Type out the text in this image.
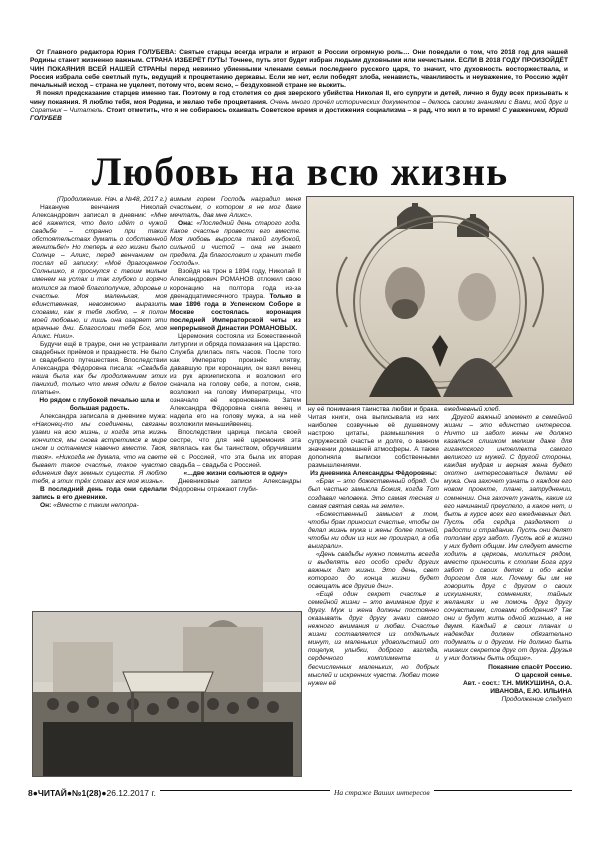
От Главного редактора Юрия ГОЛУБЕВА: Святые старцы всегда играли и играют в России огромную роль… Они поведали о том, что 2018 год для нашей Родины станет жизненно важным. СТРАНА ИЗБЕРЁТ ПУТЬ! Точнее, путь этот будет избран людьми духовными или нечистыми. ЕСЛИ В 2018 ГОДУ ПРОИЗОЙДЁТ ЧИН ПОКАЯНИЯ ВСЕЙ НАШЕЙ СТРАНЫ перед невинно убиенными членами семьи последнего русского царя, то значит, что духовность восторжествала, и Россия избрала себе светлый путь, ведущий к процветанию державы. Если же нет, если победят злоба, ненависть, чванливость и неуважение, то Россию ждёт печальный исход – страна не уцелеет, потому что, всем ясно, – бездуховной стране не выжить.

Я понял предсказание старцев именно так. Поэтому в год столетия со дня зверского убийства Николая II, его супруги и детей, лично я буду всех призывать к чину покаяния. Я люблю тебя, моя Родина, и желаю тебе процветания. Очень много прочёл исторических документов – делюсь своими знаниями с Вами, мой друг и Соратник – Читатель. Стоит отметить, что я не собираюсь охаивать Советское время и достижения социализма – я рад, что жил в то время! С уважением, Юрий ГОЛУБЕВ

Любовь на всю жизнь

(Продолжение. Нач. в №48, 2017 г.)

Накануне венчания Николай Александрович записал в дневник: «Мне всё кажется, что дело идёт о чужой свадьбе – странно при таких обстоятельствах думать о собственной женитьбе!» Но теперь в его жизни было Солнце – Аликс, перед венчанием он послал ей записку: «Моё драгоценное Солнышко, я проснулся с твоим милым именем на устах и так глубоко и горячо молился за твоё благополучие, здоровье и счастье. Моя маленькая, моя единственная, невозможно выразить словами, как я тебя люблю, – я полон моей любовью, и лишь она озаряет эти мрачные дни. Благослови тебя Бог, моя Аликс. Ники».

Будучи ещё в трауре, они не устраивали свадебных приёмов и празднеств. Не было и свадебного путешествия. Впоследствии Александра Фёдоровна писала: «Свадьба наша была как бы продолжением этих панихид, только что меня одели в белое платье».

Но рядом с глубокой печалью шла и большая радость.

Александра записала в дневнике мужа: «Наконец-то мы соединены, связаны узами на всю жизнь, и когда эта жизнь кончится, мы снова встретимся в мире ином и останемся навечно вместе. Твоя, твоя». «Никогда не думала, что на свете бывает такое счастье, такое чувство единения двух земных существ. Я люблю тебя, в этих трёх словах вся моя жизнь».

В последний день года они сделали запись в его дневнике.

Он: «Вместе с таким непопра-

вимым горем Господь наградил меня счастьем, о котором я не мог даже мечтать, дав мне Аликс».

Она: «Последний день старого года. Какое счастье провести его вместе. Моя любовь выросла такой глубокой, сильной и чистой – она не знает предела. Да благословит и хранит тебя Господь».

Взойдя на трон в 1894 году, Николай II Александрович РОМАНОВ отложил свою коронацию на полтора года из-за двенадцатимесячного траура. Только в мае 1896 года в Успенском Соборе в Москве состоялась коронация последней Императорской четы из непрерывной Династии РОМАНОВЫХ.

Церемония состояла из Божественной литургии и обряда помазания на Царство. Служба длилась пять часов. После того как Император произнёс клятву, дававшую при коронации, он взял венец из рук архиепископа и возложил его сначала на голову себе, а потом, сняв, возложил на голову Императрицы, что означало её коронование. Затем Александра Фёдоровна сняла венец и надела его на голову мужа, а на неё возложили меньшийвенец.

Впоследствии царица писала своей сестре, что для неё церемония эта являлась как бы таинством, обручившим её с Россией, что эта была их вторая свадьба – свадьба с Россией.

«...две жизни сольются в одну»

Дневниковые записи Александры Фёдоровны отражают глуби-

ну её понимания таинства любви и брака. Читая книги, она выписывала из них наиболее созвучные её душевному настрою цитаты, размышления о супружеской счастье и долге, о важном значении домашней атмосферы. А также дополняла выписки собственными размышлениями.

Из дневника Александры Фёдоровны:

«Брак – это божественный обряд. Он был частью замысла Божия, когда Тот создавал человека. Это самая тесная и самая святая связь на земле».

«Божественный замысел в том, чтобы брак приносил счастье, чтобы он делал жизнь мужа и жены более полной, чтобы ни один из них не проиграл, а оба выиграли».

«День свадьбы нужно помнить всегда и выделять его особо среди других важных дат жизни. Это день, свет которого до конца жизни будет освещать все другие дни».

«Ещё один секрет счастья в семейной жизни – это внимание друг к другу. Муж и жена должны постоянно оказывать друг другу знаки самого нежного внимания и любви. Счастье жизни составляется из отдельных минут, из маленьких удовольствий от поцелуя, улыбки, доброго взгляда, сердечного комплимента и бесчисленных маленьких, но добрых мыслей и искренних чувств. Любви тоже нужен её

ежедневный хлеб.

Другой важный элемент в семейной жизни – это единство интересов. Ничто из забот жены не должно казаться слишком мелким даже для гигантского интеллекта самого великого из мужей. С другой стороны, каждая мудрая и верная жена будет охотно интересоваться делами её мужа. Она захочет узнать о каждом его новом проекте, плане, затруднении, сомнении. Она захочет узнать, какие из его начинаний преуспело, а какое нет, и быть в курсе всех его ежедневных дел. Пусть оба сердца разделяют и радости и страдание. Пусть они делят пополам груз забот. Пусть всё в жизни у них будет общим. Им следует вместе ходить в церковь, молиться рядом, вместе приносить к стопам Бога груз забот о своих детях и обо всём дорогом для них. Почему бы им не говорить друг с другом о своих искушениях, сомнениях, тайных желаниях и не помочь друг другу сочувствием, словами ободрения? Так они и будут жить одной жизнью, а не двумя. Каждый в своих планах и надеждах должен обязательно подумать и о другом. Не должно быть никаких секретов друг от друга. Друзья у них должны быть общие».

Покаяние спасёт Россию.

О царской семье.

Авт. - сост.: Т.Н. МИКУШИНА, О.А. ИВАНОВА, Е.Ю. ИЛЬИНА

Продолжение следует

8●ЧИТАЙ●№1(28)●26.12.2017 г.	На страже Ваших интересов
